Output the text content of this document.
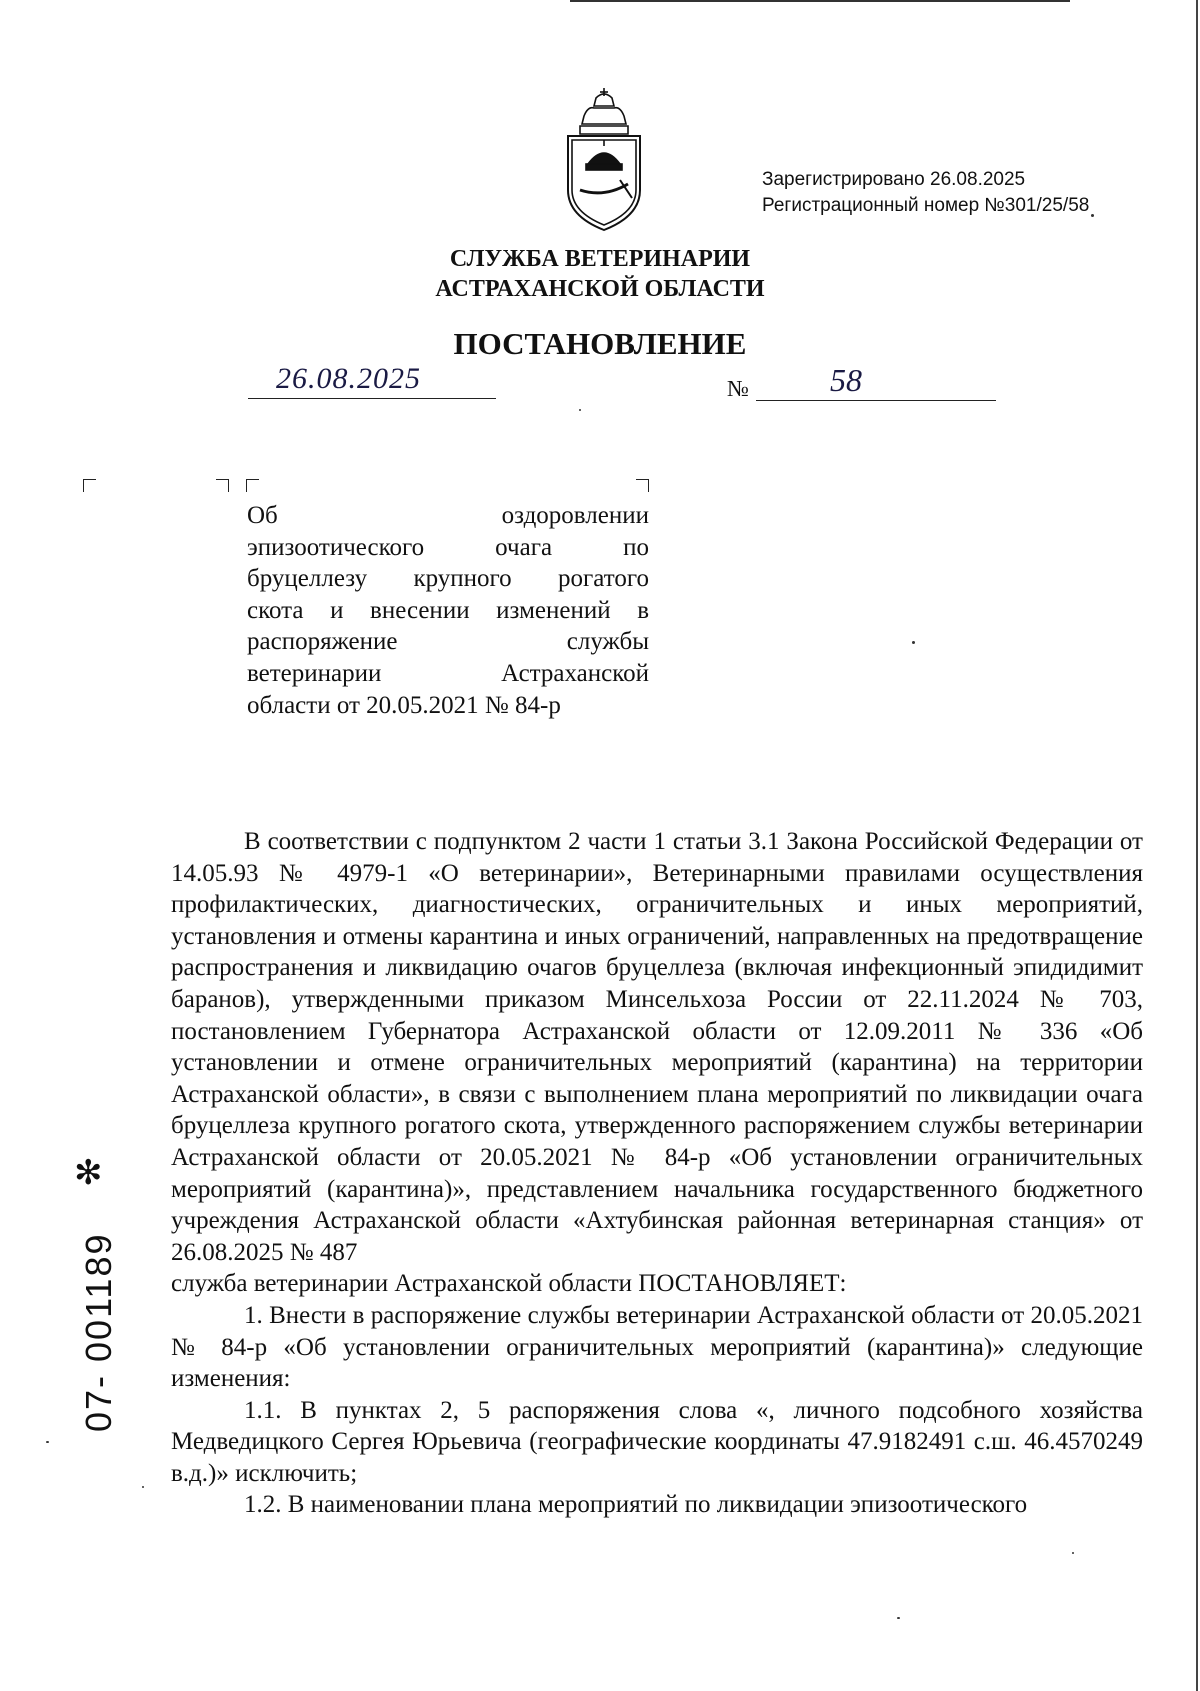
Зарегистрировано 26.08.2025
Регистрационный номер №301/25/58
СЛУЖБА ВЕТЕРИНАРИИ
АСТРАХАНСКОЙ ОБЛАСТИ
ПОСТАНОВЛЕНИЕ
26.08.2025	№	58
Об оздоровлении
эпизоотического очага по
бруцеллезу крупного рогатого
скота и внесении изменений в
распоряжение службы
ветеринарии Астраханской
области от 20.05.2021 № 84-р

В соответствии с подпунктом 2 части 1 статьи 3.1 Закона Российской Федерации от 14.05.93 № 4979-1 «О ветеринарии», Ветеринарными правилами осуществления профилактических, диагностических, ограничительных и иных мероприятий, установления и отмены карантина и иных ограничений, направленных на предотвращение распространения и ликвидацию очагов бруцеллеза (включая инфекционный эпидидимит баранов), утвержденными приказом Минсельхоза России от 22.11.2024 № 703, постановлением Губернатора Астраханской области от 12.09.2011 № 336 «Об установлении и отмене ограничительных мероприятий (карантина) на территории Астраханской области», в связи с выполнением плана мероприятий по ликвидации очага бруцеллеза крупного рогатого скота, утвержденного распоряжением службы ветеринарии Астраханской области от 20.05.2021 № 84-р «Об установлении ограничительных мероприятий (карантина)», представлением начальника государственного бюджетного учреждения Астраханской области «Ахтубинская районная ветеринарная станция» от 26.08.2025 № 487

служба ветеринарии Астраханской области ПОСТАНОВЛЯЕТ:

1. Внести в распоряжение службы ветеринарии Астраханской области от 20.05.2021 № 84-р «Об установлении ограничительных мероприятий (карантина)» следующие изменения:

1.1. В пунктах 2, 5 распоряжения слова «, личного подсобного хозяйства Медведицкого Сергея Юрьевича (географические координаты 47.9182491 с.ш. 46.4570249 в.д.)» исключить;

1.2. В наименовании плана мероприятий по ликвидации эпизоотического

✻
07- 001189
